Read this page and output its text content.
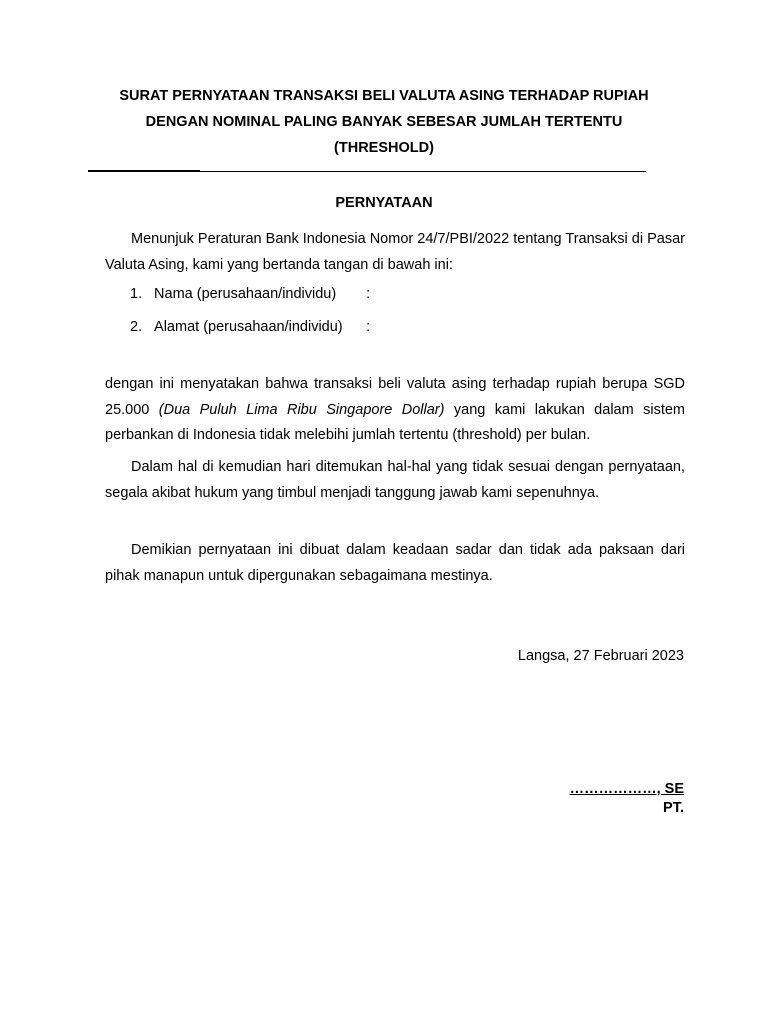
SURAT PERNYATAAN TRANSAKSI BELI VALUTA ASING TERHADAP RUPIAH
DENGAN NOMINAL PALING BANYAK SEBESAR JUMLAH TERTENTU
(THRESHOLD)
PERNYATAAN
Menunjuk Peraturan Bank Indonesia Nomor 24/7/PBI/2022 tentang Transaksi di Pasar Valuta Asing, kami yang bertanda tangan di bawah ini:
1. Nama (perusahaan/individu) :
2. Alamat (perusahaan/individu) :
dengan ini menyatakan bahwa transaksi beli valuta asing terhadap rupiah berupa SGD 25.000 (Dua Puluh Lima Ribu Singapore Dollar) yang kami lakukan dalam sistem perbankan di Indonesia tidak melebihi jumlah tertentu (threshold) per bulan.
Dalam hal di kemudian hari ditemukan hal-hal yang tidak sesuai dengan pernyataan, segala akibat hukum yang timbul menjadi tanggung jawab kami sepenuhnya.
Demikian pernyataan ini dibuat dalam keadaan sadar dan tidak ada paksaan dari pihak manapun untuk dipergunakan sebagaimana mestinya.
Langsa, 27 Februari 2023
………………, SE
PT.
